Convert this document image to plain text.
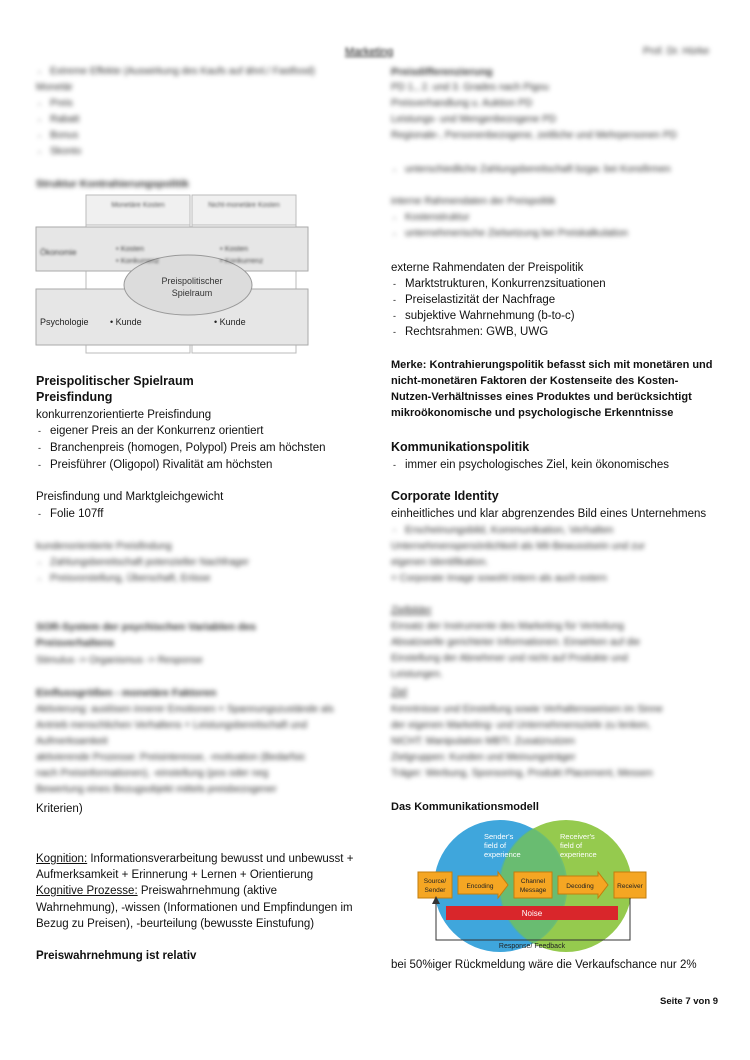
Marketing	Prof. Dr. Hürke
‐ Extreme Effekte (Auswirkung des Kaufs auf ähnl./ Fastfood)
Monetär
‐ Preis
‐ Rabatt
‐ Bonus
‐ Skonto
Struktur Kontrahierungspolitik
Monetäre Kosten	Nicht-monetäre Kosten
Ökonomie	• Kosten
• Konkurrenz
• Kosten
• Konkurrenz
Preispolitischer
Spielraum
Psychologie • Kunde	• Kunde
Preispolitischer Spielraum
Preisfindung
konkurrenzorientierte Preisfindung
‐ eigener Preis an der Konkurrenz orientiert
‐ Branchenpreis (homogen, Polypol) Preis am höchsten
‐ Preisführer (Oligopol) Rivalität am höchsten
Preisfindung und Marktgleichgewicht
‐ Folie 107ff
kundenorientierte Preisfindung
‐ Zahlungsbereitschaft potenzieller Nachfrager
‐ Preisvorstellung, Überschaft, Eriisse
SOR-System der psychischen Variablen des
Preisverhaltens
Stimulus -> Organismus -> Response
Einflussgrößen - monetäre Faktoren
Aktivierung: auslösen innerer Emotionen + Spannungszustände als
Antrieb menschlichen Verhaltens + Leistungsbereitschaft und
Aufmerksamkeit
aktivierende Prozesse: Preisinteresse, -motivation (Bedarfsic
nach Preisinformationen), -einstellung (pos oder neg
Bewertung eines Bezugsobjekt mittels preisbezogener
Kriterien)
Kognition: Informationsverarbeitung bewusst und unbewusst +
Aufmerksamkeit + Erinnerung + Lernen + Orientierung
Kognitive Prozesse: Preiswahrnehmung (aktive
Wahrnehmung), -wissen (Informationen und Empfindungen im
Bezug zu Preisen), -beurteilung (bewusste Einstufung)
Preiswahrnehmung ist relativ
Preisdifferenzierung
PD 1., 2. und 3. Grades nach Pigou
Preisverhandlung u. Auktion PD
Leistungs- und Mengenbezogene PD
Regionale-, Personenbezogene, zeitliche und Mehrpersonen PD
‐ unterschiedliche Zahlungsbereitschaft bzgw. bei Konsfirmen
interne Rahmendaten der Preispolitik
‐ Kostenstruktur
‐ unternehmerische Zielsetzung bei Preiskalkulation
externe Rahmendaten der Preispolitik
‐ Marktstrukturen, Konkurrenzsituationen
‐ Preiselastizität der Nachfrage
‐ subjektive Wahrnehmung (b-to-c)
‐ Rechtsrahmen: GWB, UWG
Merke: Kontrahierungspolitik befasst sich mit monetären und
nicht-monetären Faktoren der Kostenseite des Kosten-
Nutzen-Verhältnisses eines Produktes und berücksichtigt
mikroökonomische und psychologische Erkenntnisse
Kommunikationspolitik
‐ immer ein psychologisches Ziel, kein ökonomisches
Corporate Identity
einheitliches und klar abgrenzendes Bild eines Unternehmens
‐ Erscheinungsbild, Kommunikation, Verhalten
Unternehmenspersönlichkeit als Mit-Bewusstsein und zur
eigenen Identifikation.
= Corporate Image sowohl intern als auch extern
Zielbilder
Einsatz der Instrumente des Marketing für Verteilung
Absatzwelle gerichteter Informationen. Einwirken auf die
Einstellung der Abnehmer und nicht auf Produkte und
Leistungen.
Ziel
Kenntnisse und Einstellung sowie Verhaltensweisen im Sinne
der eigenen Marketing- und Unternehmensziele zu lenken,
NICHT: Manipulation MBTI. Zusatznutzen
Zielgruppen: Kunden und Meinungsträger
Träger: Werbung, Sponsoring, Produkt Placement, Messen
Das Kommunikationsmodell
Sender's
field of
experience
Receiver's
field of
experience
Source/
Sender
Encoding
Channel
Message
Decoding	Receiver
Noise
Response/ Feedback
bei 50%iger Rückmeldung wäre die Verkaufschance nur 2%
Seite 7 von 9
